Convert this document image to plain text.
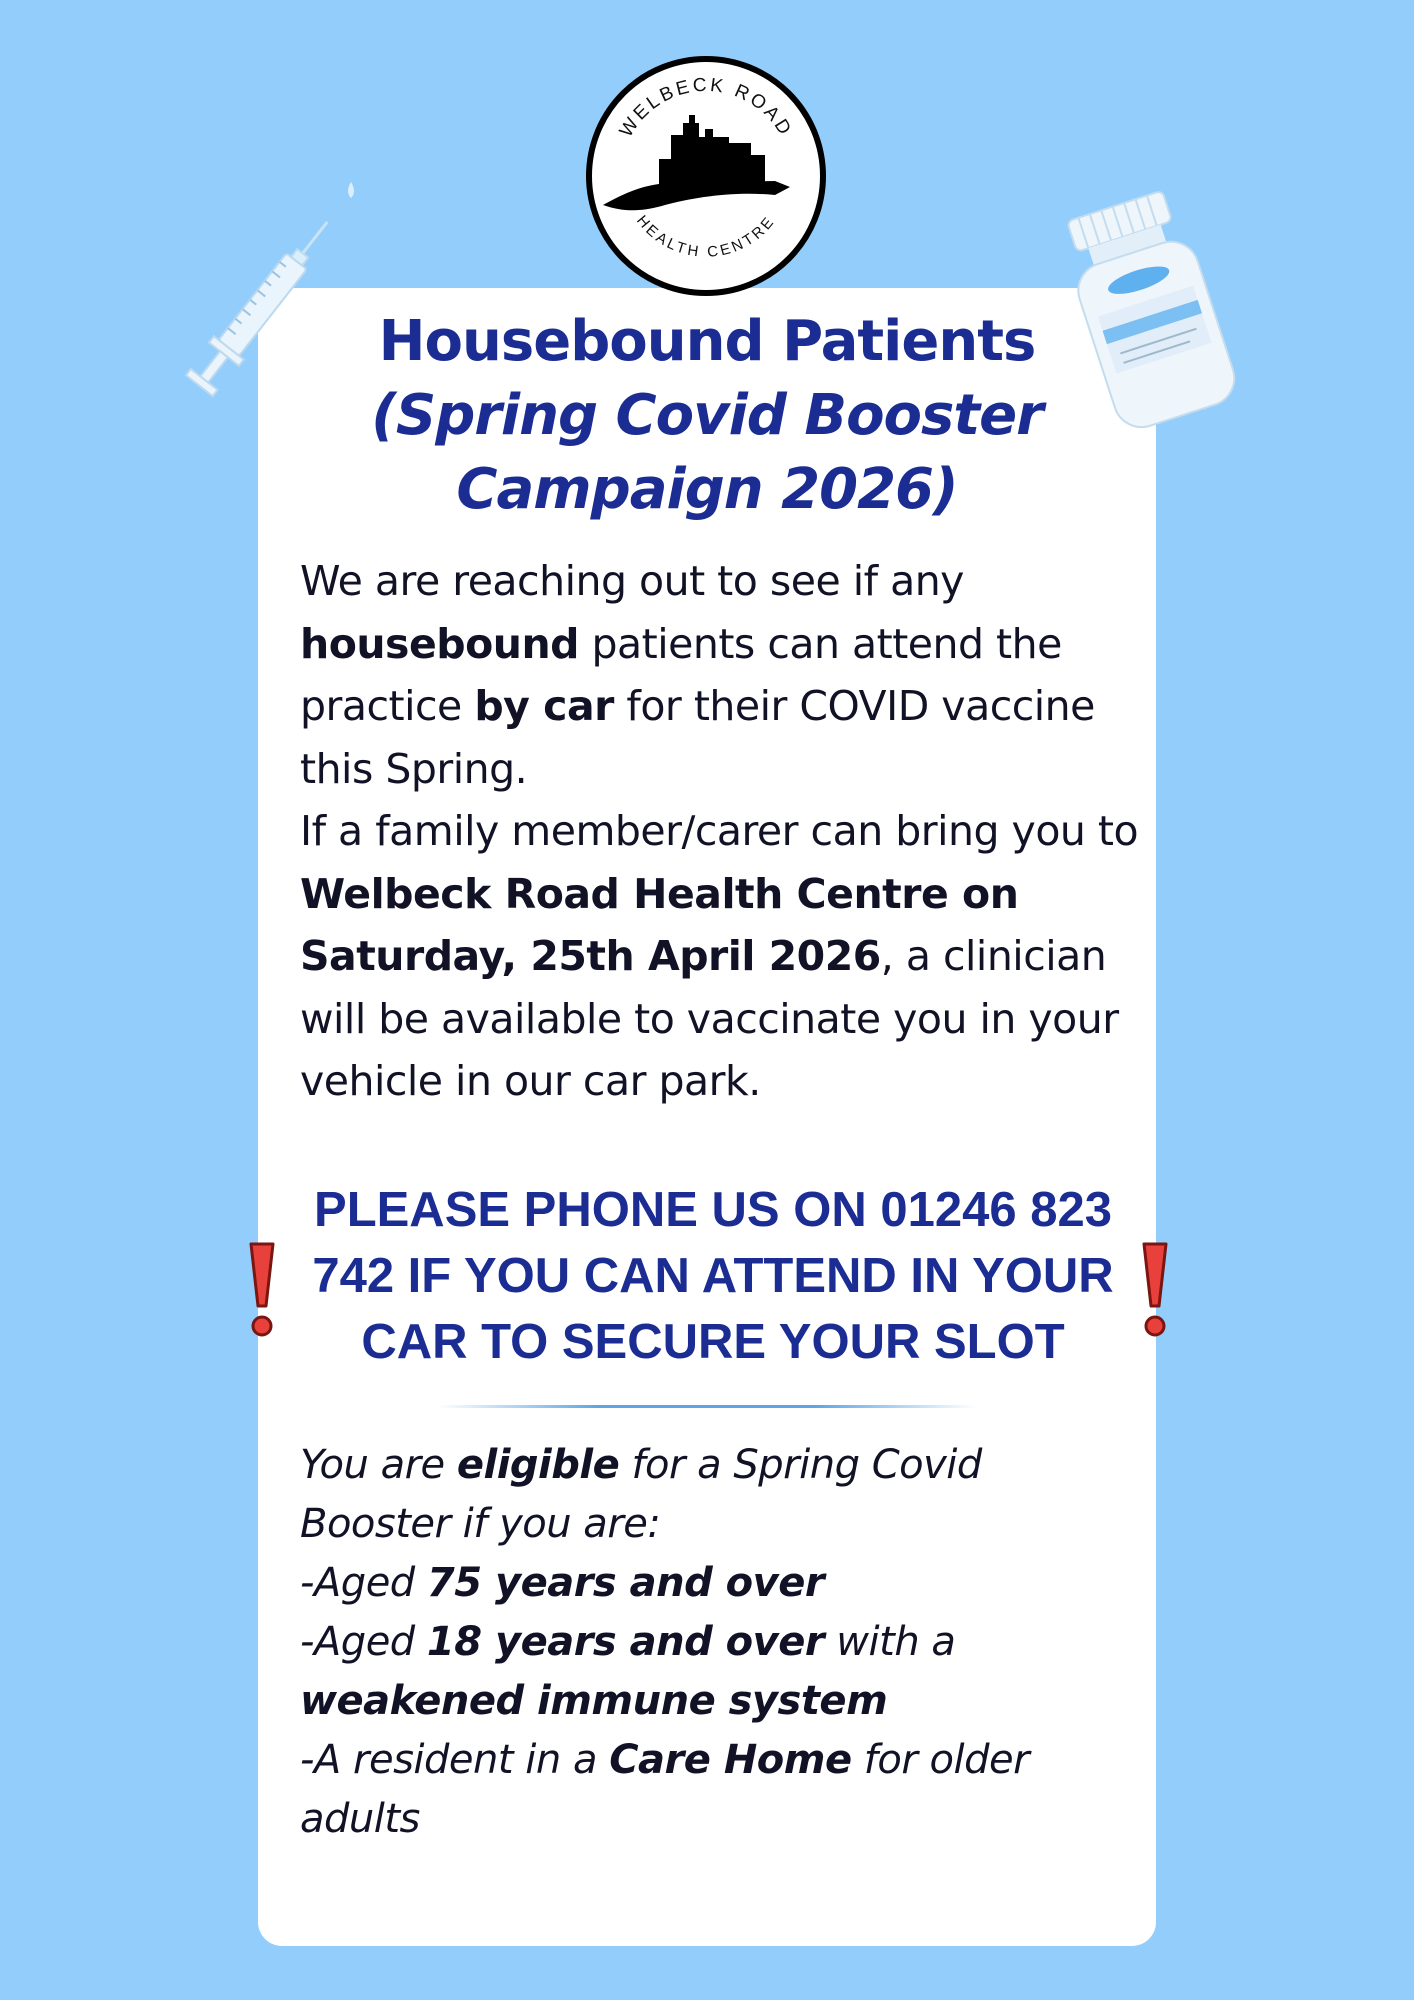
WELBECK ROAD
HEALTH CENTRE
Housebound Patients
(Spring Covid Booster
Campaign 2026)

We are reaching out to see if any
housebound patients can attend the practice by car for their COVID vaccine this Spring.
If a family member/carer can bring you to Welbeck Road Health Centre on Saturday, 25th April 2026, a clinician will be available to vaccinate you in your vehicle in our car park.

PLEASE PHONE US ON 01246 823 742 IF YOU CAN ATTEND IN YOUR CAR TO SECURE YOUR SLOT

You are eligible for a Spring Covid Booster if you are:
-Aged 75 years and over
-Aged 18 years and over with a weakened immune system
-A resident in a Care Home for older adults
